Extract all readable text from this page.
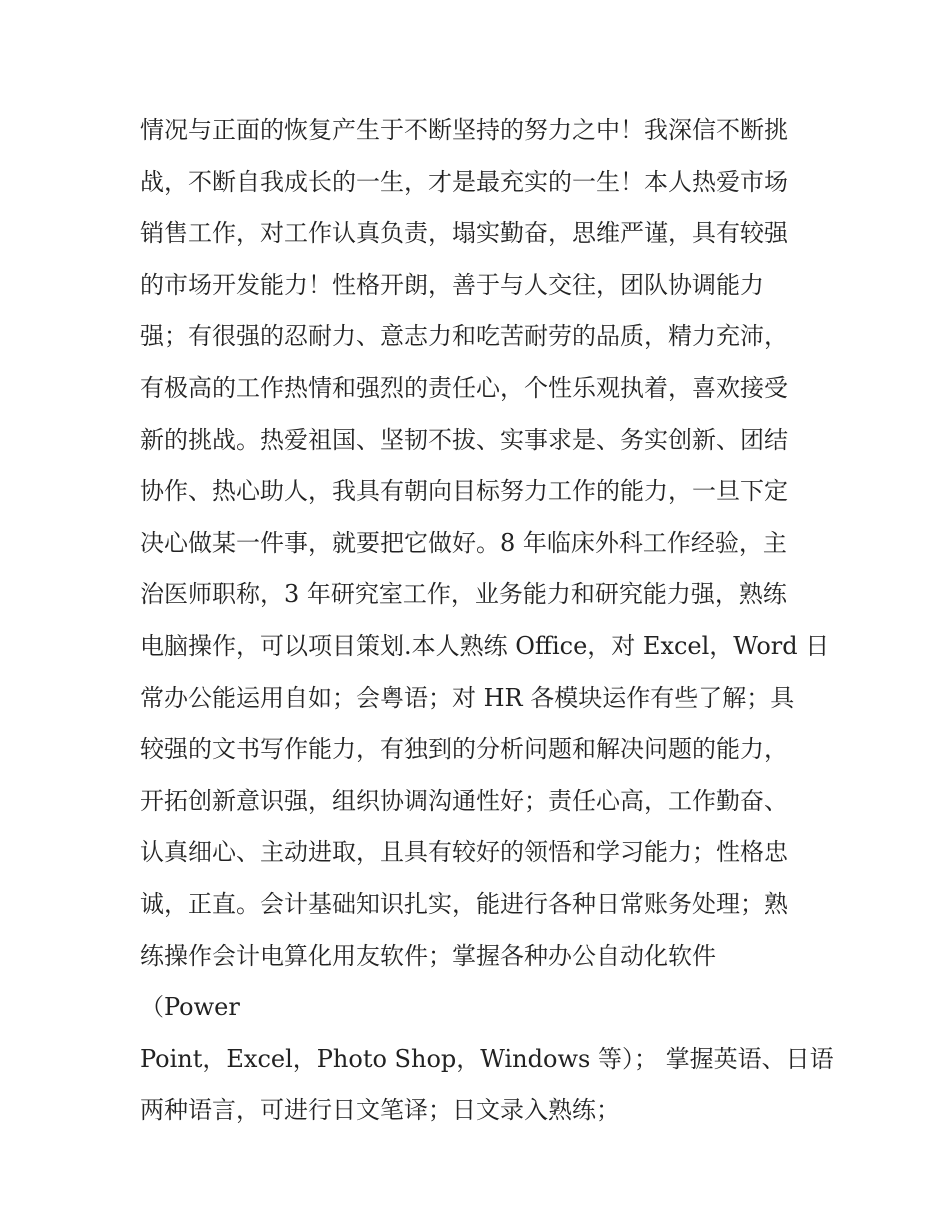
情况与正面的恢复产生于不断坚持的努力之中！我深信不断挑
战，不断自我成长的一生，才是最充实的一生！本人热爱市场
销售工作，对工作认真负责，塌实勤奋，思维严谨，具有较强
的市场开发能力！性格开朗，善于与人交往，团队协调能力
强；有很强的忍耐力、意志力和吃苦耐劳的品质，精力充沛，
有极高的工作热情和强烈的责任心，个性乐观执着，喜欢接受
新的挑战。热爱祖国、坚韧不拔、实事求是、务实创新、团结
协作、热心助人，我具有朝向目标努力工作的能力，一旦下定
决心做某一件事，就要把它做好。8 年临床外科工作经验，主
治医师职称，3 年研究室工作，业务能力和研究能力强，熟练
电脑操作，可以项目策划.本人熟练 Office，对 Excel，Word 日
常办公能运用自如；会粤语；对 HR 各模块运作有些了解；具
较强的文书写作能力，有独到的分析问题和解决问题的能力，
开拓创新意识强，组织协调沟通性好；责任心高，工作勤奋、
认真细心、主动进取，且具有较好的领悟和学习能力；性格忠
诚，正直。会计基础知识扎实，能进行各种日常账务处理；熟
练操作会计电算化用友软件；掌握各种办公自动化软件
（Power
Point，Excel，Photo Shop，Windows 等）； 掌握英语、日语
两种语言，可进行日文笔译；日文录入熟练；
